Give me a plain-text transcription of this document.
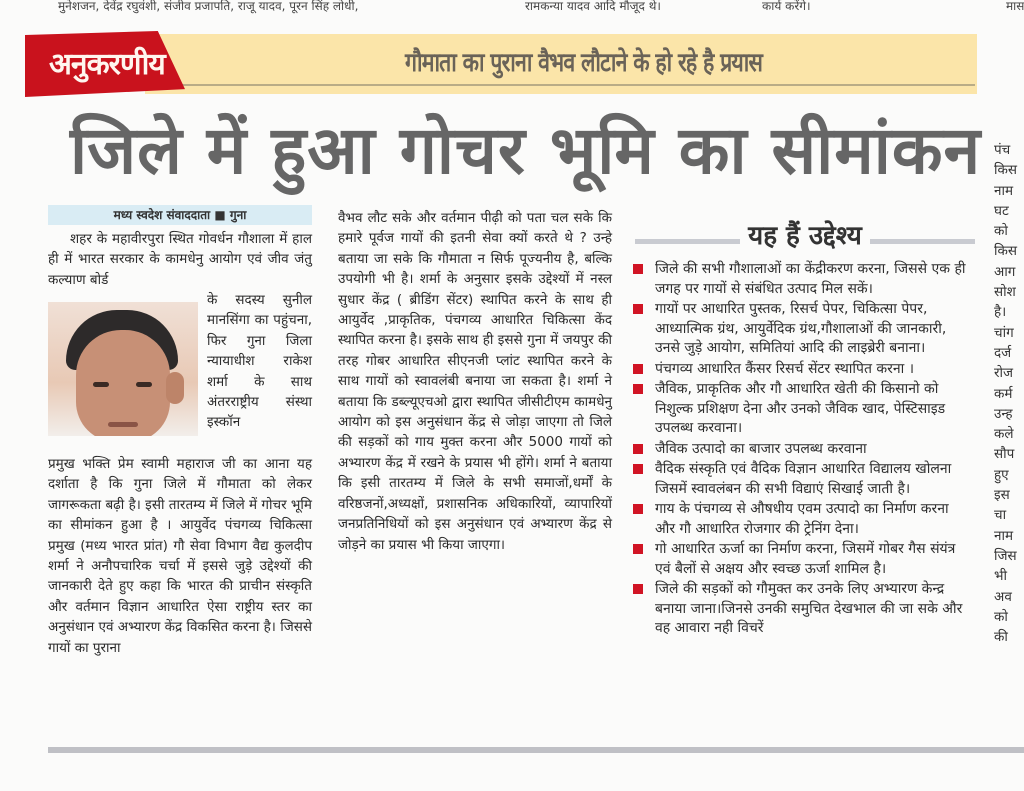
मुनेशजन, देवेंद्र रघुवंशी, संजीव प्रजापति, राजू यादव, पूरन सिंह लोधी,	रामकन्या यादव आदि मौजूद थे।	कार्य करेंगे।	मास
अनुकरणीय	गौमाता का पुराना वैभव लौटाने के हो रहे है प्रयास
जिले में हुआ गोचर भूमि का सीमांकन
मध्य स्वदेश संवाददाता ■ गुना

शहर के महावीरपुरा स्थित गोवर्धन गौशाला में हाल ही में भारत सरकार के कामधेनु आयोग एवं जीव जंतु कल्याण बोर्ड

के सदस्य सुनील मानसिंगा का पहुंचना, फिर गुना जिला न्यायाधीश राकेश शर्मा के साथ अंतरराष्ट्रीय संस्था इस्कॉन

प्रमुख भक्ति प्रेम स्वामी महाराज जी का आना यह दर्शाता है कि गुना जिले में गौमाता को लेकर जागरूकता बढ़ी है। इसी तारतम्य में जिले में गोचर भूमि का सीमांकन हुआ है । आयुर्वेद पंचगव्य चिकित्सा प्रमुख (मध्य भारत प्रांत) गौ सेवा विभाग वैद्य कुलदीप शर्मा ने अनौपचारिक चर्चा में इससे जुड़े उद्देश्यों की जानकारी देते हुए कहा कि भारत की प्राचीन संस्कृति और वर्तमान विज्ञान आधारित ऐसा राष्ट्रीय स्तर का अनुसंधान एवं अभ्यारण केंद्र विकसित करना है। जिससे गायों का पुराना

वैभव लौट सके और वर्तमान पीढ़ी को पता चल सके कि हमारे पूर्वज गायों की इतनी सेवा क्यों करते थे ? उन्हे बताया जा सके कि गौमाता न सिर्फ पूज्यनीय है, बल्कि उपयोगी भी है। शर्मा के अनुसार इसके उद्देश्यों में नस्ल सुधार केंद्र ( ब्रीडिंग सेंटर) स्थापित करने के साथ ही आयुर्वेद ,प्राकृतिक, पंचगव्य आधारित चिकित्सा केंद स्थापित करना है। इसके साथ ही इससे गुना में जयपुर की तरह गोबर आधारित सीएनजी प्लांट स्थापित करने के साथ गायों को स्वावलंबी बनाया जा सकता है। शर्मा ने बताया कि डब्ल्यूएचओ द्वारा स्थापित जीसीटीएम कामधेनु आयोग को इस अनुसंधान केंद्र से जोड़ा जाएगा तो जिले की सड़कों को गाय मुक्त करना और 5000 गायों को अभ्यारण केंद्र में रखने के प्रयास भी होंगे। शर्मा ने बताया कि इसी तारतम्य में जिले के सभी समाजों,धर्मों के वरिष्ठजनों,अध्यक्षों, प्रशासनिक अधिकारियों, व्यापारियों जनप्रतिनिधियों को इस अनुसंधान एवं अभ्यारण केंद्र से जोड़ने का प्रयास भी किया जाएगा।

यह हैं उद्देश्य
जिले की सभी गौशालाओं का केंद्रीकरण करना, जिससे एक ही जगह पर गायों से संबंधित उत्पाद मिल सकें।
गायों पर आधारित पुस्तक, रिसर्च पेपर, चिकित्सा पेपर, आध्यात्मिक ग्रंथ, आयुर्वेदिक ग्रंथ,गौशालाओं की जानकारी, उनसे जुड़े आयोग, समितियां आदि की लाइब्रेरी बनाना।
पंचगव्य आधारित कैंसर रिसर्च सेंटर स्थापित करना ।
जैविक, प्राकृतिक और गौ आधारित खेती की किसानो को निशुल्क प्रशिक्षण देना और उनको जैविक खाद, पेस्टिसाइड उपलब्ध करवाना।
जैविक उत्पादो का बाजार उपलब्ध करवाना
वैदिक संस्कृति एवं वैदिक विज्ञान आधारित विद्यालय खोलना जिसमें स्वावलंबन की सभी विद्याएं सिखाई जाती है।
गाय के पंचगव्य से औषधीय एवम उत्पादो का निर्माण करना और गौ आधारित रोजगार की ट्रेनिंग देना।
गो आधारित ऊर्जा का निर्माण करना, जिसमें गोबर गैस संयंत्र एवं बैलों से अक्षय और स्वच्छ ऊर्जा शामिल है।
जिले की सड़कों को गौमुक्त कर उनके लिए अभ्यारण केन्द्र बनाया जाना।जिनसे उनकी समुचित देखभाल की जा सके और वह आवारा नही विचरें
पंच
किस
नाम
घट
को
किस
आग
सोश
है।
चांग
दर्ज
रोज
कर्म
उन्ह
कले
सौप
हुए
इस
चा
नाम
जिस
भी
अव
को
की
